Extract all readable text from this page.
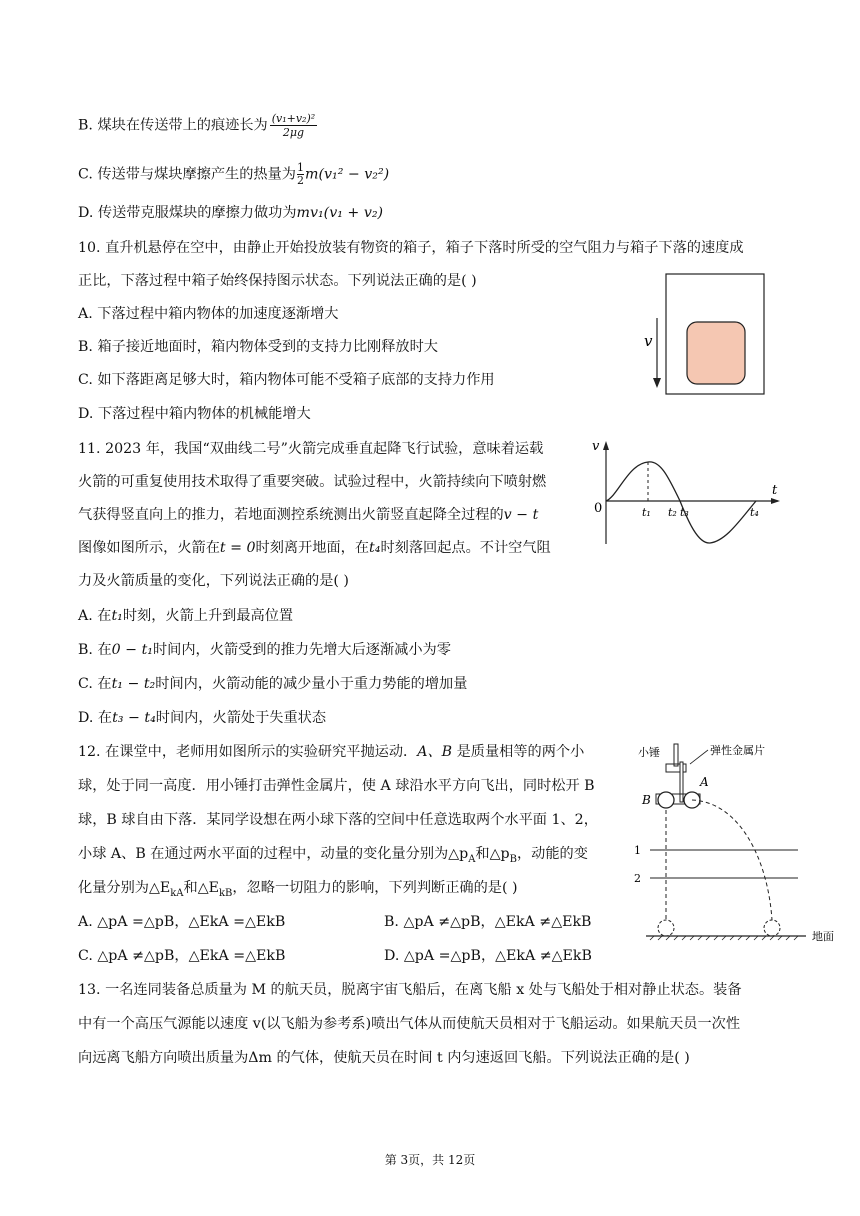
B. 煤块在传送带上的痕迹长为 $\frac{\text{(v₁+v₂)²}}{2\mu g}$
C. 传送带与煤块摩擦产生的热量为 $\frac{1}{2}m(v_1^2 - v_2^2)$
D. 传送带克服煤块的摩擦力做功为mv₁(v₁ + v₂)
10. 直升机悬停在空中，由静止开始投放装有物资的箱子，箱子下落时所受的空气阻力与箱子下落的速度成
正比，下落过程中箱子始终保持图示状态。下列说法正确的是( )
A. 下落过程中箱内物体的加速度逐渐增大
B. 箱子接近地面时，箱内物体受到的支持力比刚释放时大
C. 如下落距离足够大时，箱内物体可能不受箱子底部的支持力作用
D. 下落过程中箱内物体的机械能增大
v
11. 2023 年，我国“双曲线二号”火箭完成垂直起降飞行试验，意味着运载
火箭的可重复使用技术取得了重要突破。试验过程中，火箭持续向下喷射燃
气获得竖直向上的推力，若地面测控系统测出火箭竖直起降全过程的v − t
图像如图所示，火箭在t = 0时刻离开地面，在t₄时刻落回起点。不计空气阻
力及火箭质量的变化，下列说法正确的是( )
A. 在t₁时刻，火箭上升到最高位置
B. 在0 − t₁时间内，火箭受到的推力先增大后逐渐减小为零
C. 在t₁ − t₂时间内，火箭动能的减少量小于重力势能的增加量
D. 在t₃ − t₄时间内，火箭处于失重状态
v
t
0	t₁ t₂ t₃	t₄
12. 在课堂中，老师用如图所示的实验研究平抛运动．A、B 是质量相等的两个小
球，处于同一高度．用小锤打击弹性金属片，使 A 球沿水平方向飞出，同时松开 B
球，B 球自由下落．某同学设想在两小球下落的空间中任意选取两个水平面 1、2，
小球 A、B 在通过两水平面的过程中，动量的变化量分别为$\triangle p_A$和$\triangle p_B$，动能的变
化量分别为$\triangle E_{kA}$和$\triangle E_{kB}$，忽略一切阻力的影响，下列判断正确的是( )
A. △pA =△pB，△EkA =△EkB	B. △pA ≠△pB，△EkA ≠△EkB
C. △pA ≠△pB，△EkA =△EkB	D. △pA =△pB，△EkA ≠△EkB
小锤	弹性金属片
B
A
1
2
地面
13. 一名连同装备总质量为 M 的航天员，脱离宇宙飞船后，在离飞船 x 处与飞船处于相对静止状态。装备
中有一个高压气源能以速度 v(以飞船为参考系)喷出气体从而使航天员相对于飞船运动。如果航天员一次性
向远离飞船方向喷出质量为Δm 的气体，使航天员在时间 t 内匀速返回飞船。下列说法正确的是( )
第 3页，共 12页
